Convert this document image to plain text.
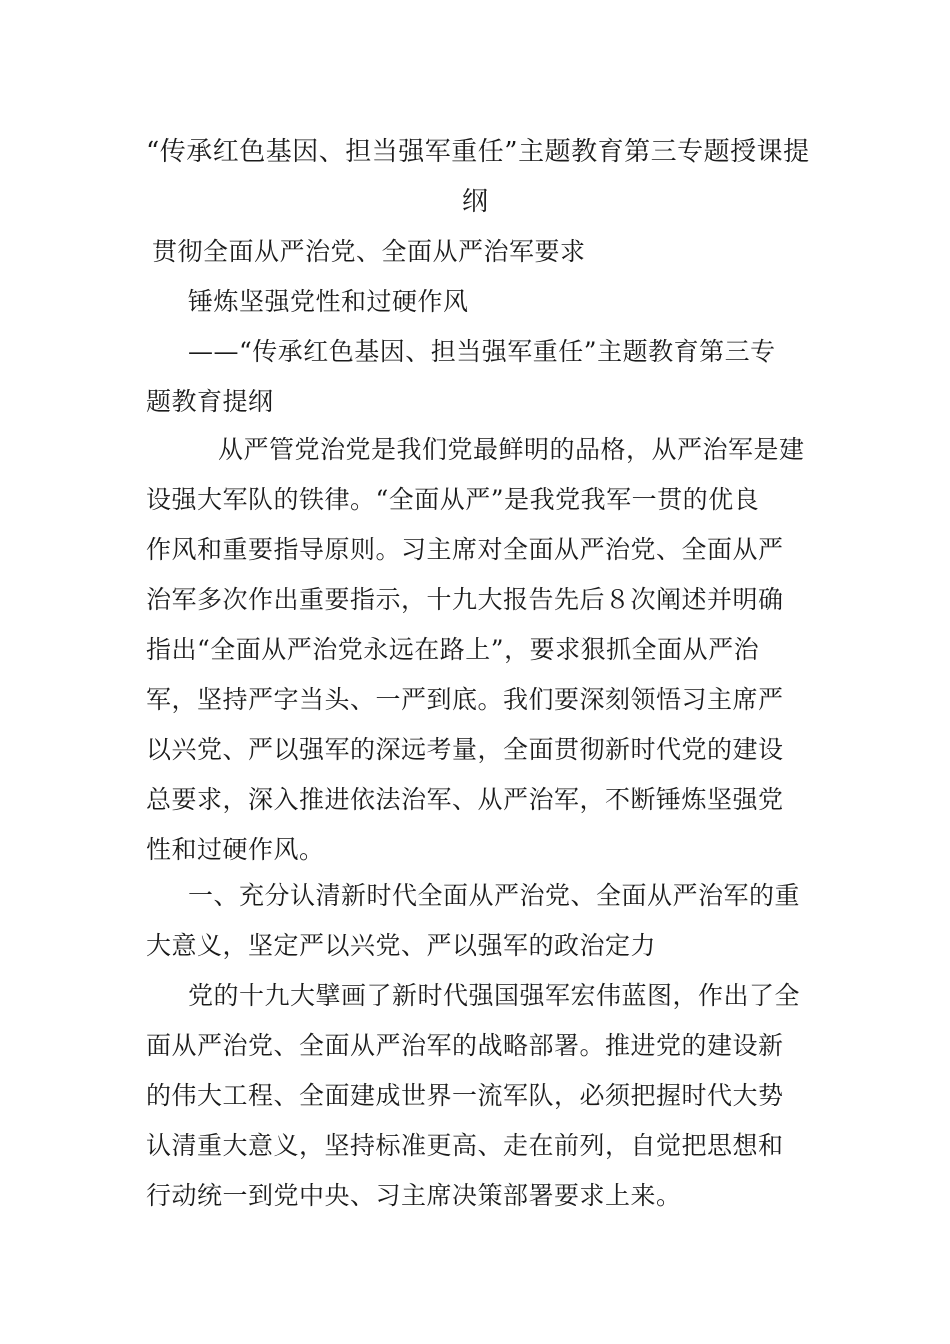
“传承红色基因、担当强军重任”主题教育第三专题授课提
纲
贯彻全面从严治党、全面从严治军要求
锤炼坚强党性和过硬作风
——“传承红色基因、担当强军重任”主题教育第三专
题教育提纲
从严管党治党是我们党最鲜明的品格，从严治军是建
设强大军队的铁律。“全面从严”是我党我军一贯的优良
作风和重要指导原则。习主席对全面从严治党、全面从严
治军多次作出重要指示，十九大报告先后８次阐述并明确
指出“全面从严治党永远在路上”，要求狠抓全面从严治
军，坚持严字当头、一严到底。我们要深刻领悟习主席严
以兴党、严以强军的深远考量，全面贯彻新时代党的建设
总要求，深入推进依法治军、从严治军，不断锤炼坚强党
性和过硬作风。
一、充分认清新时代全面从严治党、全面从严治军的重
大意义，坚定严以兴党、严以强军的政治定力
党的十九大擘画了新时代强国强军宏伟蓝图，作出了全
面从严治党、全面从严治军的战略部署。推进党的建设新
的伟大工程、全面建成世界一流军队，必须把握时代大势
认清重大意义，坚持标准更高、走在前列，自觉把思想和
行动统一到党中央、习主席决策部署要求上来。
